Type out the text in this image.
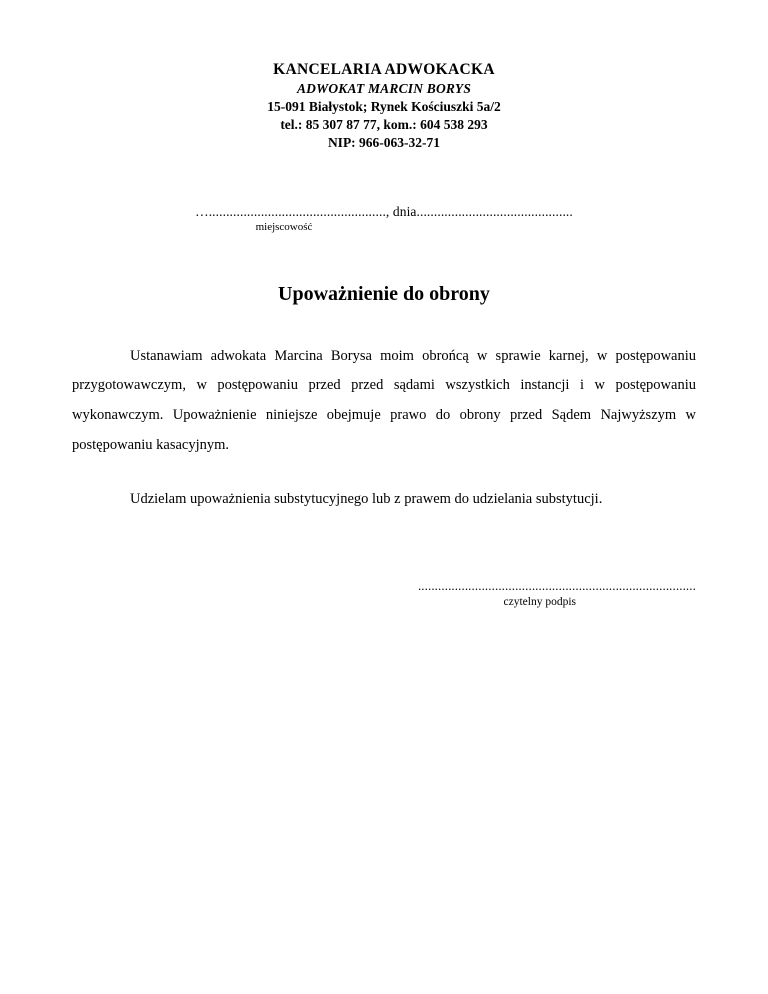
KANCELARIA ADWOKACKA
ADWOKAT MARCIN BORYS
15-091 Białystok; Rynek Kościuszki 5a/2
tel.: 85 307 87 77, kom.: 604 538 293
NIP: 966-063-32-71
…..................................................., dnia.............................................
miejscowość
Upoważnienie do obrony

Ustanawiam adwokata Marcina Borysa moim obrońcą w sprawie karnej, w postępowaniu przygotowawczym, w postępowaniu przed przed sądami wszystkich instancji i w postępowaniu wykonawczym. Upoważnienie niniejsze obejmuje prawo do obrony przed Sądem Najwyższym w postępowaniu kasacyjnym.

Udzielam upoważnienia substytucyjnego lub z prawem do udzielania substytucji.

...................................................................................
czytelny podpis
